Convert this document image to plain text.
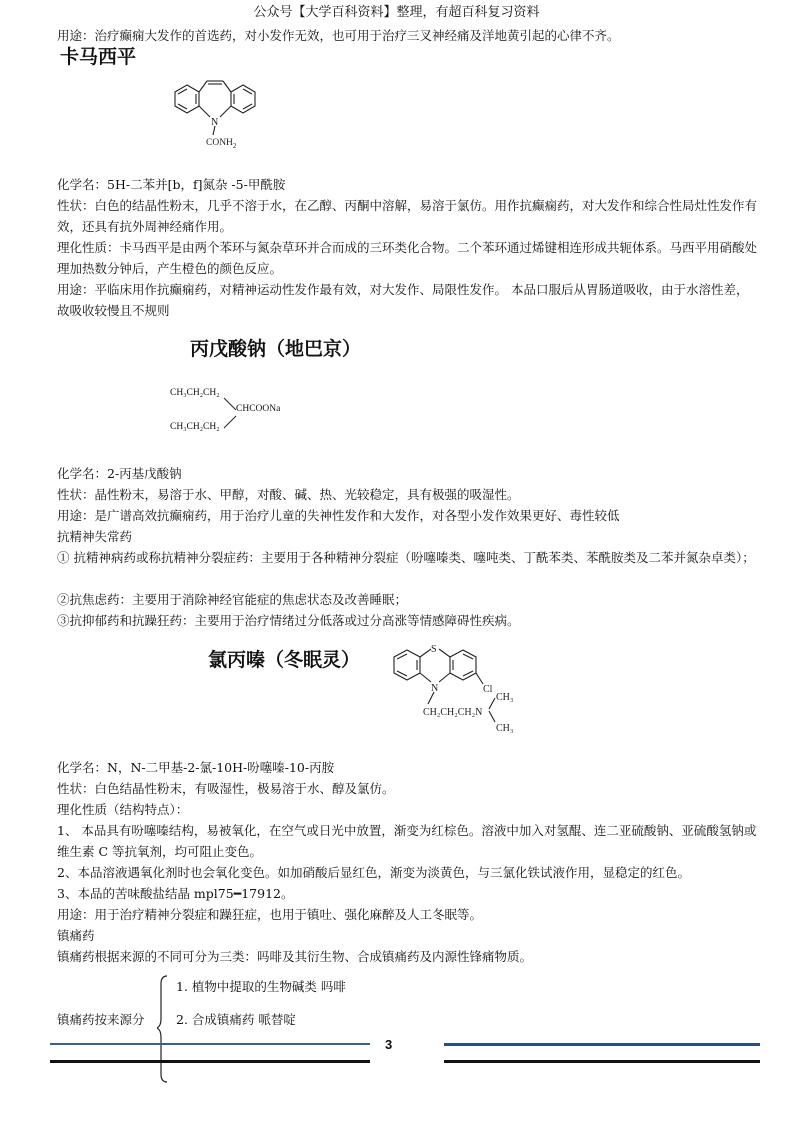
公众号【大学百科资料】整理，有超百科复习资料
用途：治疗癫痫大发作的首选药，对小发作无效，也可用于治疗三叉神经痛及洋地黄引起的心律不齐。
卡马西平
N
$CONH_2$
化学名：5H-二苯并[b，f]氮杂 -5-甲酰胺
性状：白色的结晶性粉末，几乎不溶于水，在乙醇、丙酮中溶解，易溶于氯仿。用作抗癫痫药，对大发作和综合性局灶性发作有效，还具有抗外周神经痛作用。
理化性质：卡马西平是由两个苯环与氮杂草环并合而成的三环类化合物。二个苯环通过烯键相连形成共轭体系。马西平用硝酸处理加热数分钟后，产生橙色的颜色反应。
用途：平临床用作抗癫痫药，对精神运动性发作最有效，对大发作、局限性发作。 本品口服后从胃肠道吸收，由于水溶性差，故吸收较慢且不规则
丙戊酸钠（地巴京）
CH₃CH₂CH₂
CHCOONa
CH₃CH₂CH₂
化学名：2-丙基戊酸钠
性状：晶性粉末，易溶于水、甲醇，对酸、碱、热、光较稳定，具有极强的吸湿性。
用途：是广谱高效抗癫痫药，用于治疗儿童的失神性发作和大发作，对各型小发作效果更好、毒性较低
抗精神失常药
① 抗精神病药或称抗精神分裂症药：主要用于各种精神分裂症（吩噻嗪类、噻吨类、丁酰苯类、苯酰胺类及二苯并氮杂卓类）；
②抗焦虑药：主要用于消除神经官能症的焦虑状态及改善睡眠；
③抗抑郁药和抗躁狂药：主要用于治疗情绪过分低落或过分高涨等情感障碍性疾病。
氯丙嗪（冬眠灵）	S
N	Cl
CH₂CH₂CH₂N
CH₃
CH₃
化学名：N，N-二甲基-2-氯-10H-吩噻嗪-10-丙胺
性状：白色结晶性粉末，有吸湿性，极易溶于水、醇及氯仿。
理化性质（结构特点）：
1、 本品具有吩噻嗪结构，易被氧化，在空气或日光中放置，渐变为红棕色。溶液中加入对氢醌、连二亚硫酸钠、亚硫酸氢钠或维生素 C 等抗氧剂，均可阻止变色。
2、本品溶液遇氧化剂时也会氧化变色。如加硝酸后显红色，渐变为淡黄色，与三氯化铁试液作用，显稳定的红色。
3、本品的苦味酸盐结晶 mpl75━17912。
用途：用于治疗精神分裂症和躁狂症，也用于镇吐、强化麻醉及人工冬眠等。
镇痛药
镇痛药根据来源的不同可分为三类：吗啡及其衍生物、合成镇痛药及内源性锋痛物质。
镇痛药按来源分
1. 植物中提取的生物碱类 吗啡
2. 合成镇痛药 哌替啶
3
